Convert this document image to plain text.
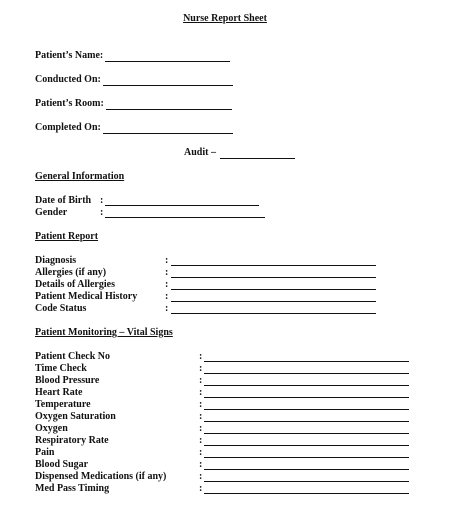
Nurse Report Sheet
Patient’s Name:
Conducted On:
Patient’s Room:
Completed On:
Audit –
General Information
Date of Birth :
Gender	:
Patient Report
Diagnosis	:
Allergies (if any)	:
Details of Allergies	:
Patient Medical History	:
Code Status	:
Patient Monitoring – Vital Signs
Patient Check No	:
Time Check	:
Blood Pressure	:
Heart Rate	:
Temperature	:
Oxygen Saturation	:
Oxygen	:
Respiratory Rate	:
Pain	:
Blood Sugar	:
Dispensed Medications (if any)	:
Med Pass Timing	:
